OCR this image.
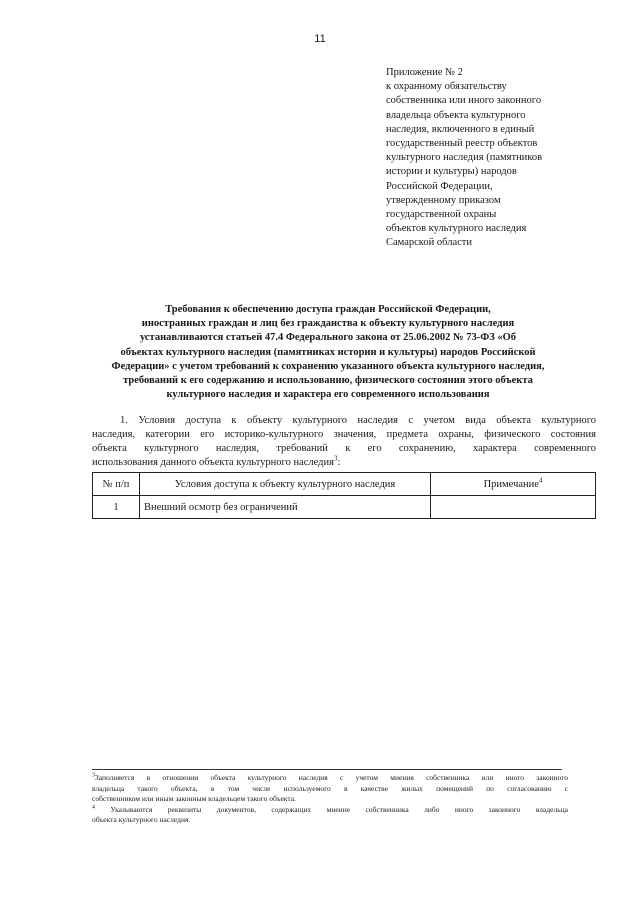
11
Приложение № 2
к охранному обязательству
собственника или иного законного
владельца объекта культурного
наследия, включенного в единый
государственный реестр объектов
культурного наследия (памятников
истории и культуры) народов
Российской Федерации,
утвержденному приказом
государственной охраны
объектов культурного наследия
Самарской области
Требования к обеспечению доступа граждан Российской Федерации,
иностранных граждан и лиц без гражданства к объекту культурного наследия
устанавливаются статьей 47.4 Федерального закона от 25.06.2002 № 73-ФЗ «Об
объектах культурного наследия (памятниках истории и культуры) народов Российской
Федерации» с учетом требований к сохранению указанного объекта культурного наследия,
требований к его содержанию и использованию, физического состояния этого объекта
культурного наследия и характера его современного использования
1. Условия доступа к объекту культурного наследия с учетом вида объекта культурного
наследия, категории его историко-культурного значения, предмета охраны, физического состояния
объекта культурного наследия, требований к его сохранению, характера современного
использования данного объекта культурного наследия$^3$:
№ п/п	Условия доступа к объекту культурного наследия	Примечание$^4$
1	Внешний осмотр без ограничений	
$^3$Заполняется в отношении объекта культурного наследия с учетом мнения собственника или иного законного
владельца такого объекта, в том числе используемого в качестве жилых помещений по согласованию с
собственником или иным законным владельцем такого объекта.
$^4$ Указываются реквизиты документов, содержащих мнение собственника либо иного законного владельца
объекта культурного наследия.
